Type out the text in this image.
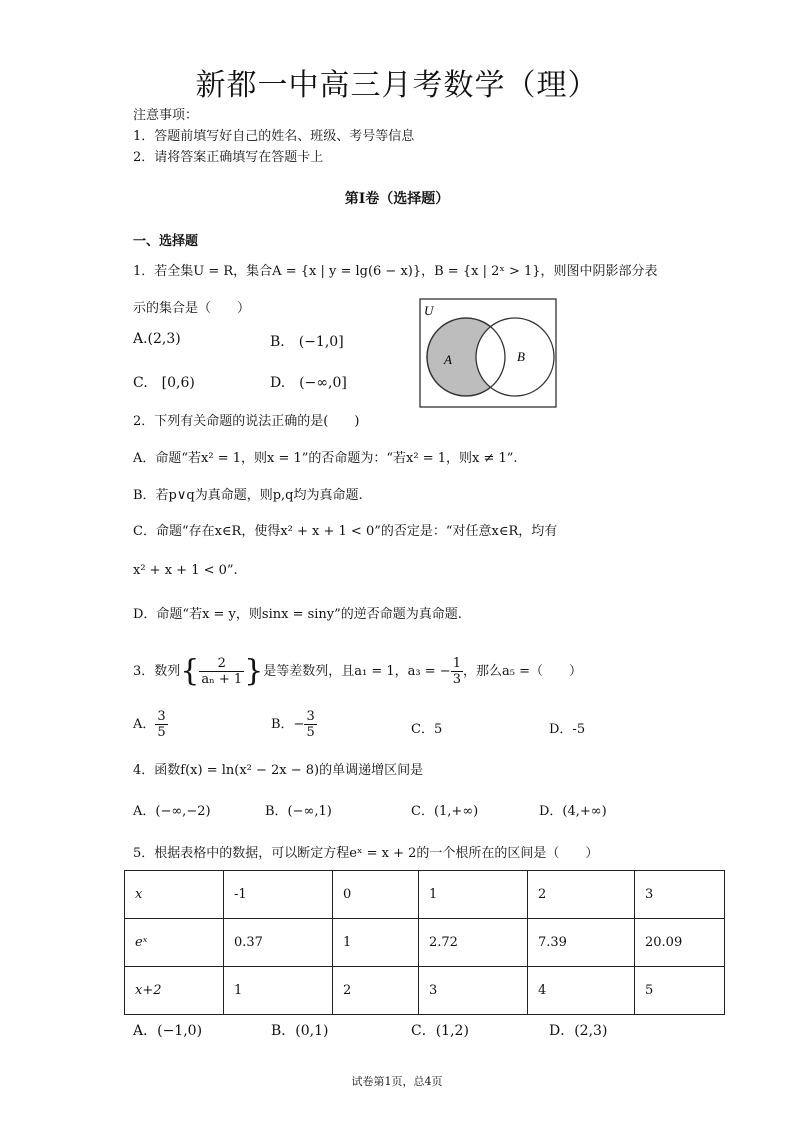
新都一中高三月考数学（理）
注意事项：
1．答题前填写好自己的姓名、班级、考号等信息
2．请将答案正确填写在答题卡上
第I卷（选择题）
一、选择题
1．若全集U = R，集合A = {x | y = lg(6 − x)}，B = {x | 2ˣ > 1}，则图中阴影部分表
示的集合是（　　）
A.(2,3)	B.　(−1,0]
C.　[0,6)	D.　(−∞,0]
U
A	B
2．下列有关命题的说法正确的是(　　)
A．命题“若x² = 1，则x = 1”的否命题为：“若x² = 1，则x ≠ 1”.
B．若p∨q为真命题，则p,q均为真命题.
C．命题“存在x∈R，使得x² + x + 1 < 0”的否定是：“对任意x∈R，均有
x² + x + 1 < 0”.
D．命题“若x = y，则sinx = siny”的逆否命题为真命题.
3．数列{ $\frac{2}{\text{aₙ + 1}}$ }是等差数列，且a₁ = 1，a₃ = − $\frac{1}{3}$ ，那么a₅ =（　　）
A． $\frac{3}{5}$	B．− $\frac{3}{5}$	C．5	D．-5
4．函数f(x) = ln(x² − 2x − 8)的单调递增区间是
A．(−∞,−2)	B．(−∞,1)	C．(1,+∞)	D．(4,+∞)
5．根据表格中的数据，可以断定方程eˣ = x + 2的一个根所在的区间是（　　）
x	-1	0	1	2	3
eˣ	0.37	1	2.72	7.39	20.09
x+2	1	2	3	4	5
A．(−1,0)	B．(0,1)	C．(1,2)	D．(2,3)
试卷第1页，总4页
